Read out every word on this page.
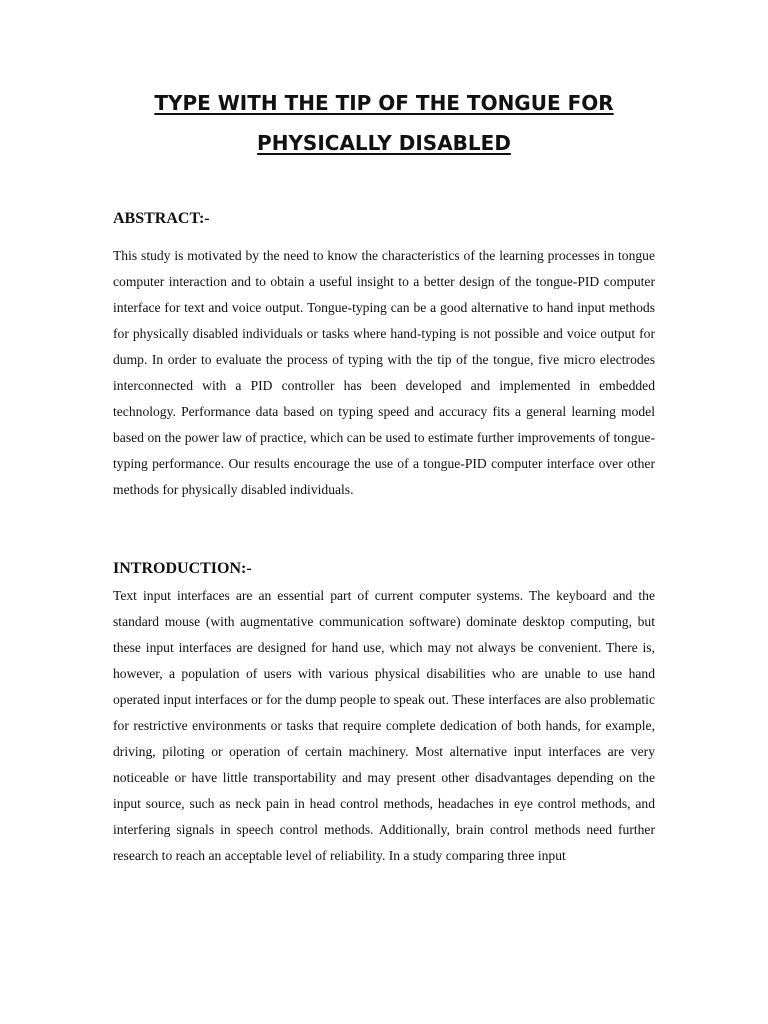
TYPE WITH THE TIP OF THE TONGUE FOR
PHYSICALLY DISABLED
ABSTRACT:-

This study is motivated by the need to know the characteristics of the learning processes in tongue computer interaction and to obtain a useful insight to a better design of the tongue-PID computer interface for text and voice output. Tongue-typing can be a good alternative to hand input methods for physically disabled individuals or tasks where hand-typing is not possible and voice output for dump. In order to evaluate the process of typing with the tip of the tongue, five micro electrodes interconnected with a PID controller has been developed and implemented in embedded technology. Performance data based on typing speed and accuracy fits a general learning model based on the power law of practice, which can be used to estimate further improvements of tongue-typing performance. Our results encourage the use of a tongue-PID computer interface over other methods for physically disabled individuals.

INTRODUCTION:-

Text input interfaces are an essential part of current computer systems. The keyboard and the standard mouse (with augmentative communication software) dominate desktop computing, but these input interfaces are designed for hand use, which may not always be convenient. There is, however, a population of users with various physical disabilities who are unable to use hand operated input interfaces or for the dump people to speak out. These interfaces are also problematic for restrictive environments or tasks that require complete dedication of both hands, for example, driving, piloting or operation of certain machinery. Most alternative input interfaces are very noticeable or have little transportability and may present other disadvantages depending on the input source, such as neck pain in head control methods, headaches in eye control methods, and interfering signals in speech control methods. Additionally, brain control methods need further research to reach an acceptable level of reliability. In a study comparing three input
